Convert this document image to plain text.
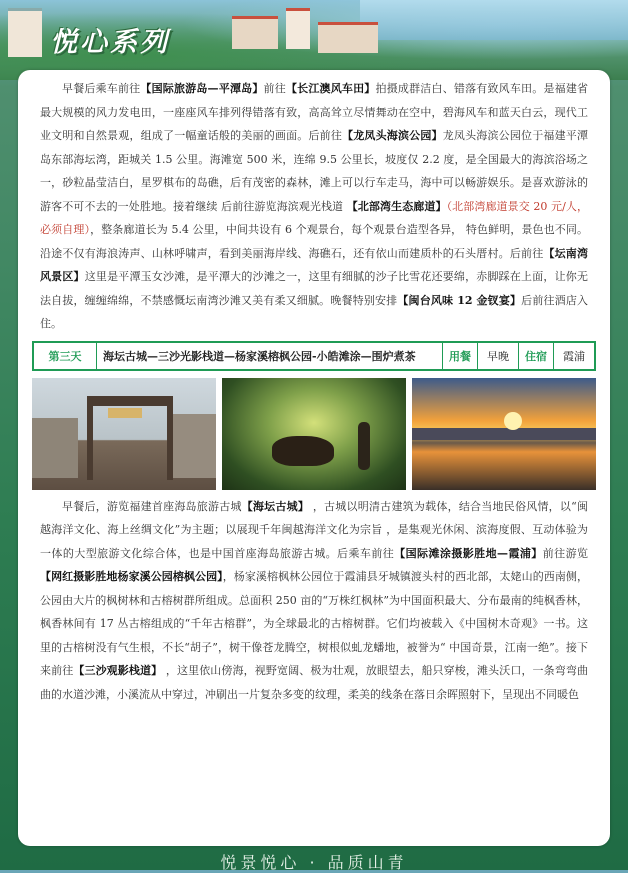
悦心系列

早餐后乘车前往【国际旅游岛—平潭岛】前往【长江澳风车田】拍摄成群洁白、错落有致风车田。是福建省最大规模的风力发电田，一座座风车排列得错落有致，高高耸立尽情舞动在空中，碧海风车和蓝天白云，现代工业文明和自然景观，组成了一幅童话般的美丽的画面。后前往【龙凤头海滨公园】龙凤头海滨公园位于福建平潭岛东部海坛湾，距城关 1.5 公里。海滩宽 500 米，连绵 9.5 公里长，坡度仅 2.2 度，是全国最大的海滨浴场之一，砂粒晶莹洁白，星罗棋布的岛礁，后有茂密的森林，滩上可以行车走马，海中可以畅游娱乐。是喜欢游泳的游客不可不去的一处胜地。接着继续 后前往游览海滨观光栈道 【北部湾生态廊道】（北部湾廊道景交 20 元/人，必须自理），整条廊道长为 5.4 公里，中间共设有 6 个观景台，每个观景台造型各异， 特色鲜明，景色也不同。沿途不仅有海浪涛声、山林呼啸声，看到美丽海岸线、海礁石，还有依山而建质朴的石头厝村。后前往【坛南湾风景区】这里是平潭玉女沙滩，是平潭大的沙滩之一，这里有细腻的沙子比雪花还要绵，赤脚踩在上面，让你无法自拔，缠缠绵绵，不禁感慨坛南湾沙滩又美有柔又细腻。晚餐特别安排【闽台风味 12 金钗宴】后前往酒店入住。

第三天	海坛古城—三沙光影栈道—杨家溪榕枫公园-小皓滩涂—围炉煮茶	用餐	早晚	住宿	霞浦

早餐后，游览福建首座海岛旅游古城【海坛古城】 ，古城以明清古建筑为载体，结合当地民俗风情，以“闽越海洋文化、海上丝绸文化”为主题；以展现千年闽越海洋文化为宗旨 ，是集观光休闲、滨海度假、互动体验为一体的大型旅游文化综合体，也是中国首座海岛旅游古城。后乘车前往【国际滩涂摄影胜地—霞浦】前往游览【网红摄影胜地杨家溪公园榕枫公园】，杨家溪榕枫林公园位于霞浦县牙城镇渡头村的西北部，太姥山的西南侧，公园由大片的枫树林和古榕树群所组成。总面积 250 亩的“万株红枫林”为中国面积最大、分布最南的纯枫香林，枫香林间有 17 丛古榕组成的“千年古榕群”，为全球最北的古榕树群。它们均被载入《中国树木奇观》一书。这里的古榕树没有气生根，不长“胡子”，树干像苍龙腾空，树根似虬龙蟠地，被誉为“ 中国奇景，江南一绝”。接下来前往【三沙观影栈道】 ，这里依山傍海，视野宽阔、极为壮观，放眼望去，船只穿梭，滩头沃口，一条弯弯曲曲的水道沙滩，小溪流从中穿过，冲刷出一片复杂多变的纹理，柔美的线条在落日余晖照射下，呈现出不同暖色

悦景悦心 · 品质山青
